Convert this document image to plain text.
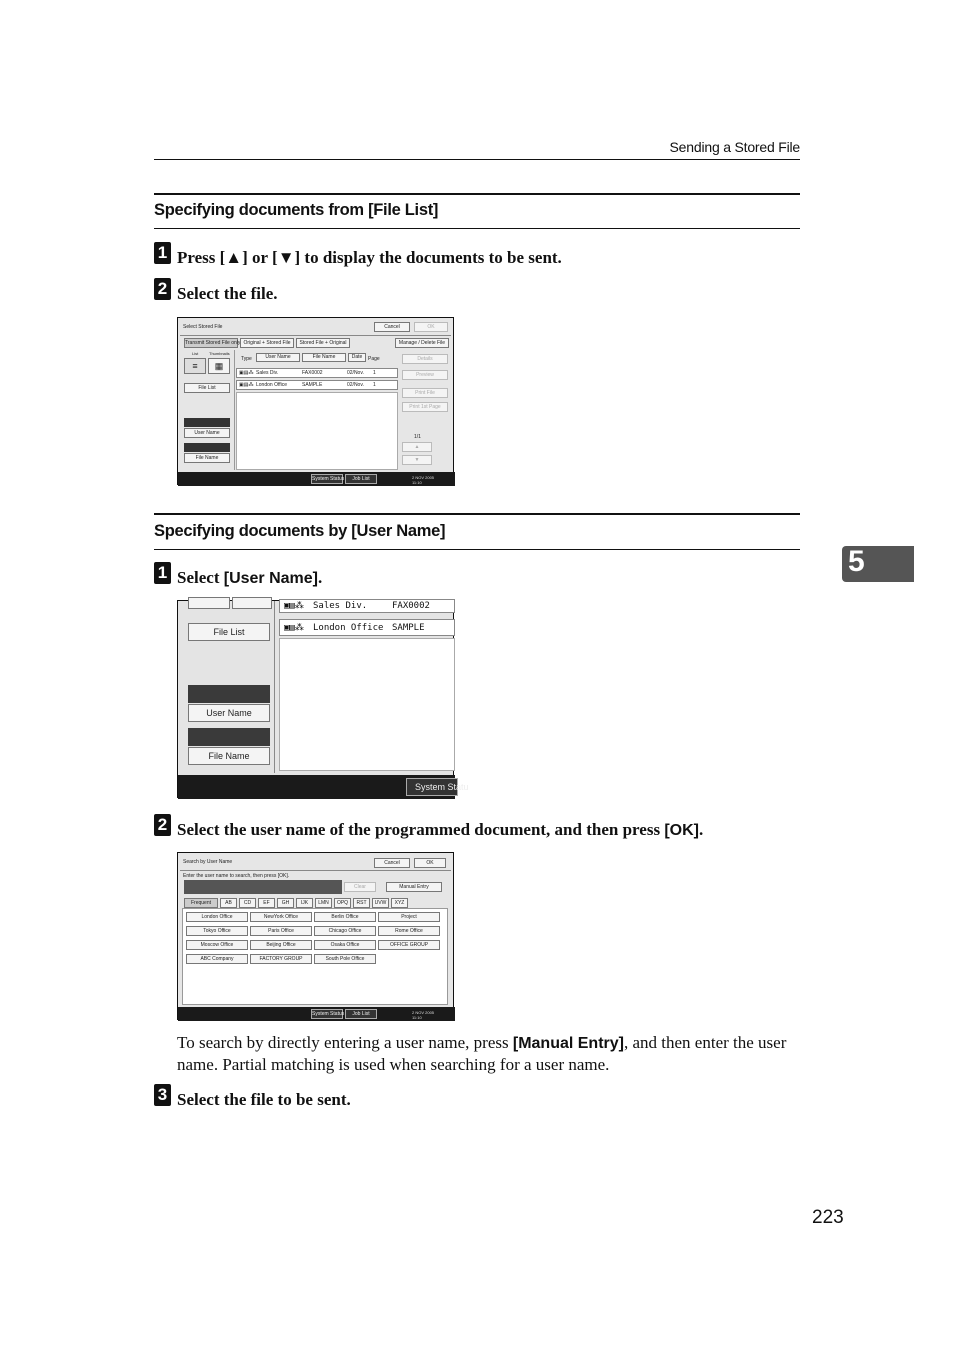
Sending a Stored File
Specifying documents from [File List]
1 Press [▲] or [▼] to display the documents to be sent.
2 Select the file.
Select Stored File	Cancel	OK
Transmit Stored File only Original + Stored File	Stored File + Original	Manage / Delete File
List	Thumbnails
≡	▦
File List
User Name
File Name
Type	User Name	File Name	Date	Page	Details
▣▤⁂ Sales Div.	FAX0002	02/Nov. 1
▣▤⁂ London Office	SAMPLE	02/Nov. 1
Preview
Print File
Print 1st Page
1/1
▲
▼
System Status	Job List	2 NOV 2005 11:10
Specifying documents by [User Name]
5
1 Select [User Name].
▣▤⁂ Sales Div.	FAX0002
▣▤⁂ London Office SAMPLE
File List
User Name
File Name
System Statu
2 Select the user name of the programmed document, and then press [OK].
Search by User Name	Cancel	OK
Enter the user name to search, then press [OK].
Clear	Manual Entry
Frequent	AB	CD	EF	GH	IJK	LMN	OPQ	RST	UVW	XYZ
London Office	NewYork Office	Berlin Office	Project
Tokyo Office	Paris Office	Chicago Office	Rome Office
Moscow Office	Beijing Office	Osaka Office	OFFICE GROUP
ABC Company	FACTORY GROUP	South Pole Office
System Status	Job List	2 NOV 2005 11:10
To search by directly entering a user name, press [Manual Entry], and then enter the user name. Partial matching is used when searching for a user name.
3 Select the file to be sent.
223
